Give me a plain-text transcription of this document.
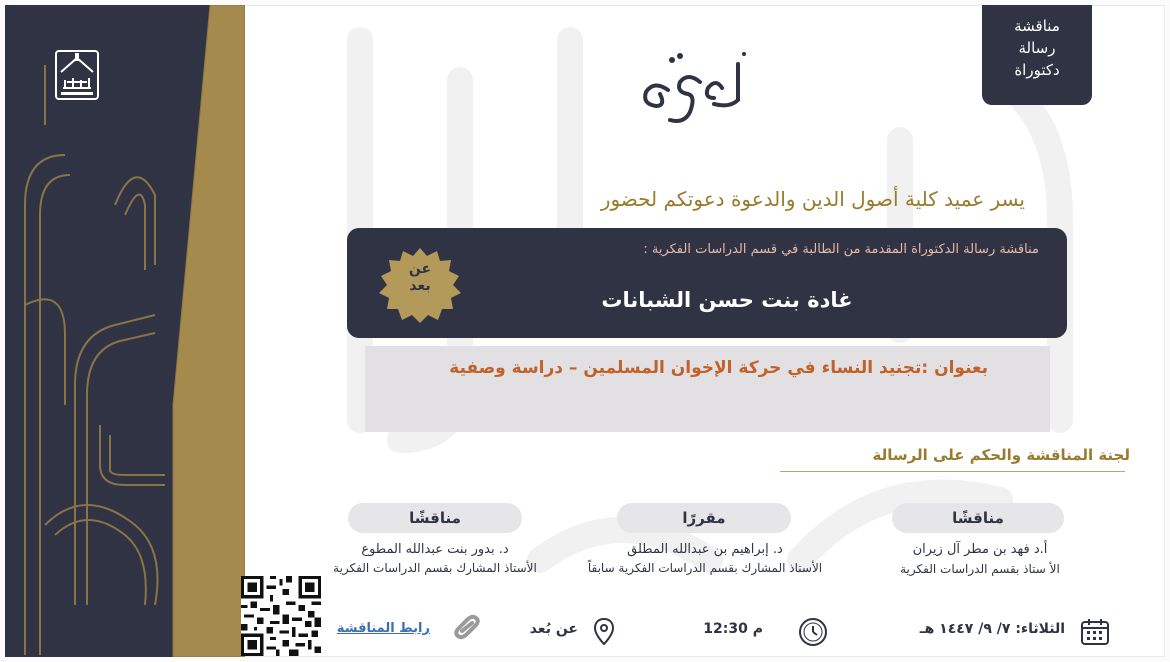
مناقشة
رسالة
دكتوراة
يسر عميد كلية أصول الدين والدعوة دعوتكم لحضور
مناقشة رسالة الدكتوراة المقدمة من الطالبة في قسم الدراسات الفكرية :
غادة بنت حسن الشبانات
عن
بعد
بعنوان :تجنيد النساء في حركة الإخوان المسلمين – دراسة وصفية
لجنة المناقشة والحكم على الرسالة
مناقشًا
أ.د فهد بن مطر آل زيران
الأ ستاذ بقسم الدراسات الفكرية
مقررًا
د. إبراهيم بن عبدالله المطلق
الأستاذ المشارك بقسم الدراسات الفكرية سابقاً
مناقشًا
د. بدور بنت عبدالله المطوع
الأستاذ المشارك بقسم الدراسات الفكرية
الثلاثاء: ٧/ ٩/ ١٤٤٧ هـ
12:30 م
عن بُعد
رابط المناقشة
